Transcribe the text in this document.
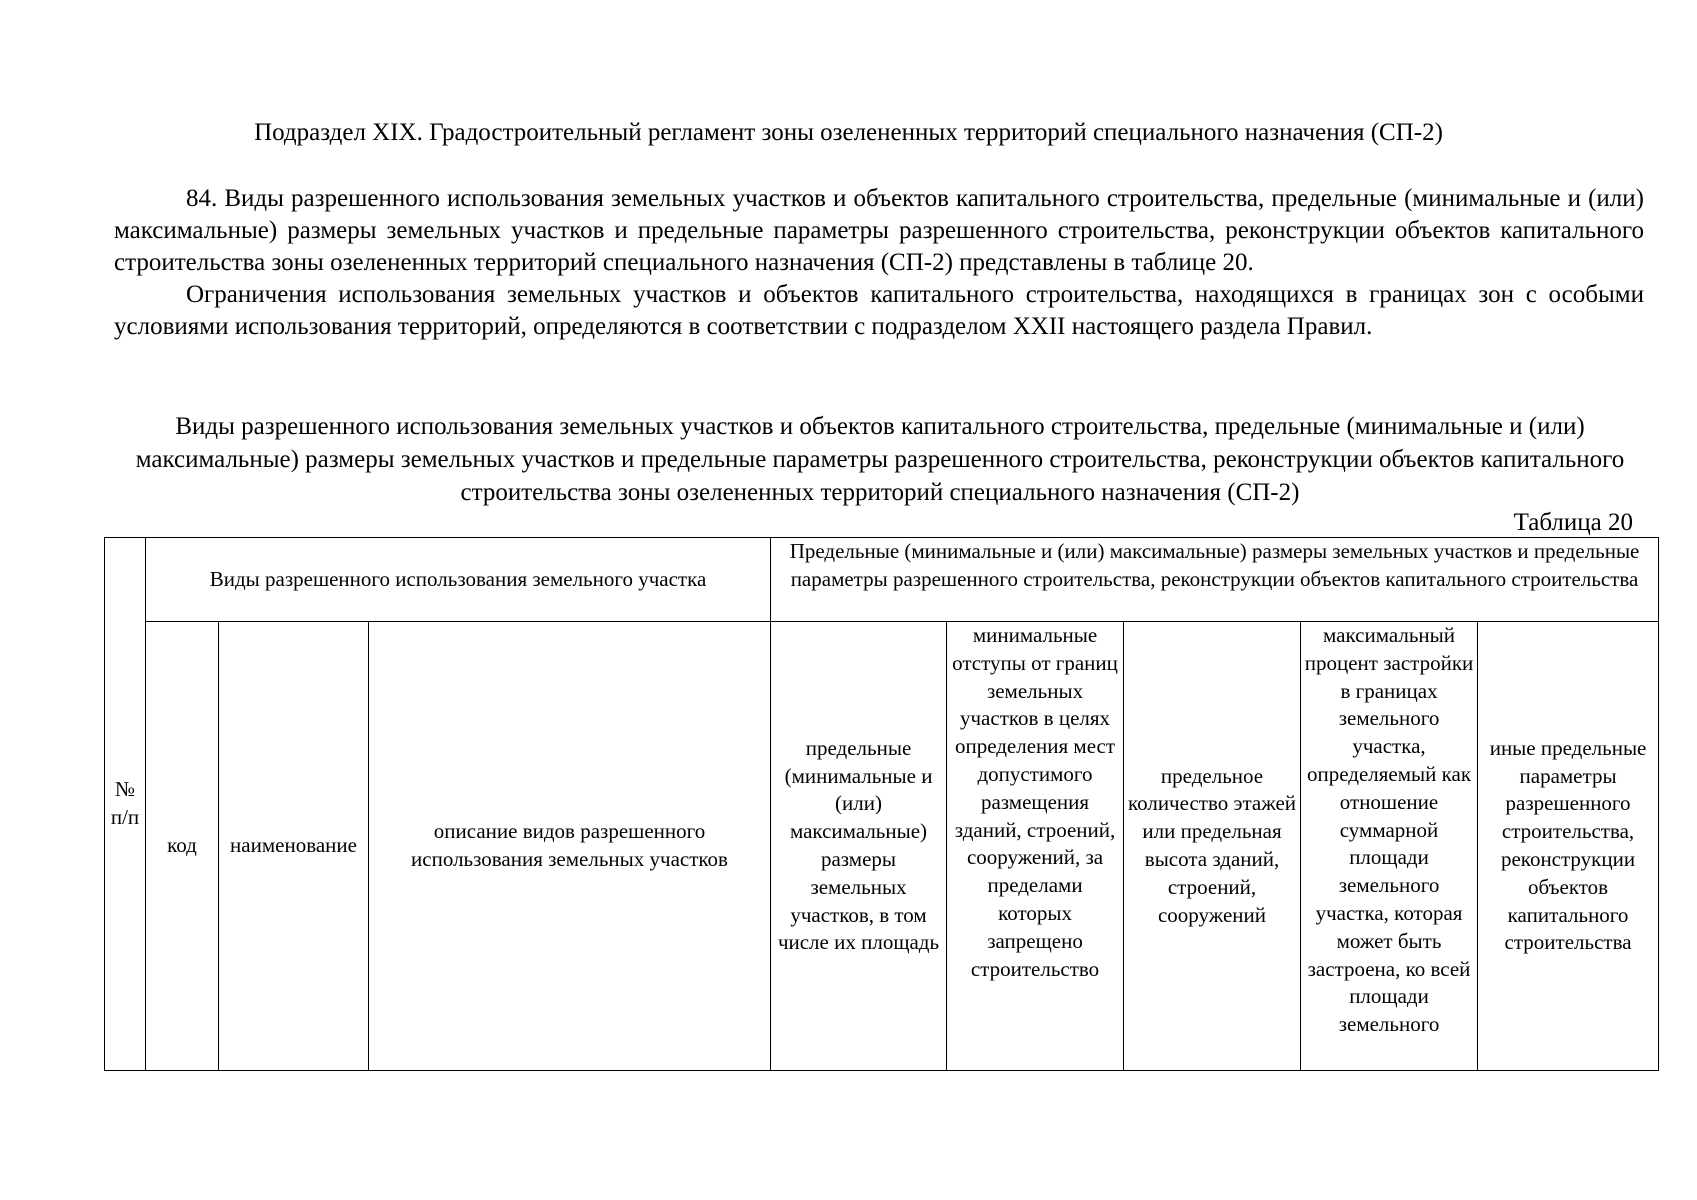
Подраздел XIX. Градостроительный регламент зоны озелененных территорий специального назначения (СП-2)

84. Виды разрешенного использования земельных участков и объектов капитального строительства, предельные (минимальные и (или) максимальные) размеры земельных участков и предельные параметры разрешенного строительства, реконструкции объектов капитального строительства зоны озелененных территорий специального назначения (СП-2) представлены в таблице 20.

Ограничения использования земельных участков и объектов капитального строительства, находящихся в границах зон с особыми условиями использования территорий, определяются в соответствии с подразделом XXII настоящего раздела Правил.

Виды разрешенного использования земельных участков и объектов капитального строительства, предельные (минимальные и (или) максимальные) размеры земельных участков и предельные параметры разрешенного строительства, реконструкции объектов капитального строительства зоны озелененных территорий специального назначения (СП-2)
Таблица 20
№ п/п	Виды разрешенного использования земельного участка			Предельные (минимальные и (или) максимальные) размеры земельных участков и предельные параметры разрешенного строительства, реконструкции объектов капитального строительства				
	код	наименование	описание видов разрешенного использования земельных участков	предельные (минимальные и (или) максимальные) размеры земельных участков, в том числе их площадь	минимальные отступы от границ земельных участков в целях определения мест допустимого размещения зданий, строений, сооружений, за пределами которых запрещено строительство	предельное количество этажей или предельная высота зданий, строений, сооружений	максимальный процент застройки в границах земельного участка, определяемый как отношение суммарной площади земельного участка, которая может быть застроена, ко всей площади земельного	иные предельные параметры разрешенного строительства, реконструкции объектов капитального строительства
